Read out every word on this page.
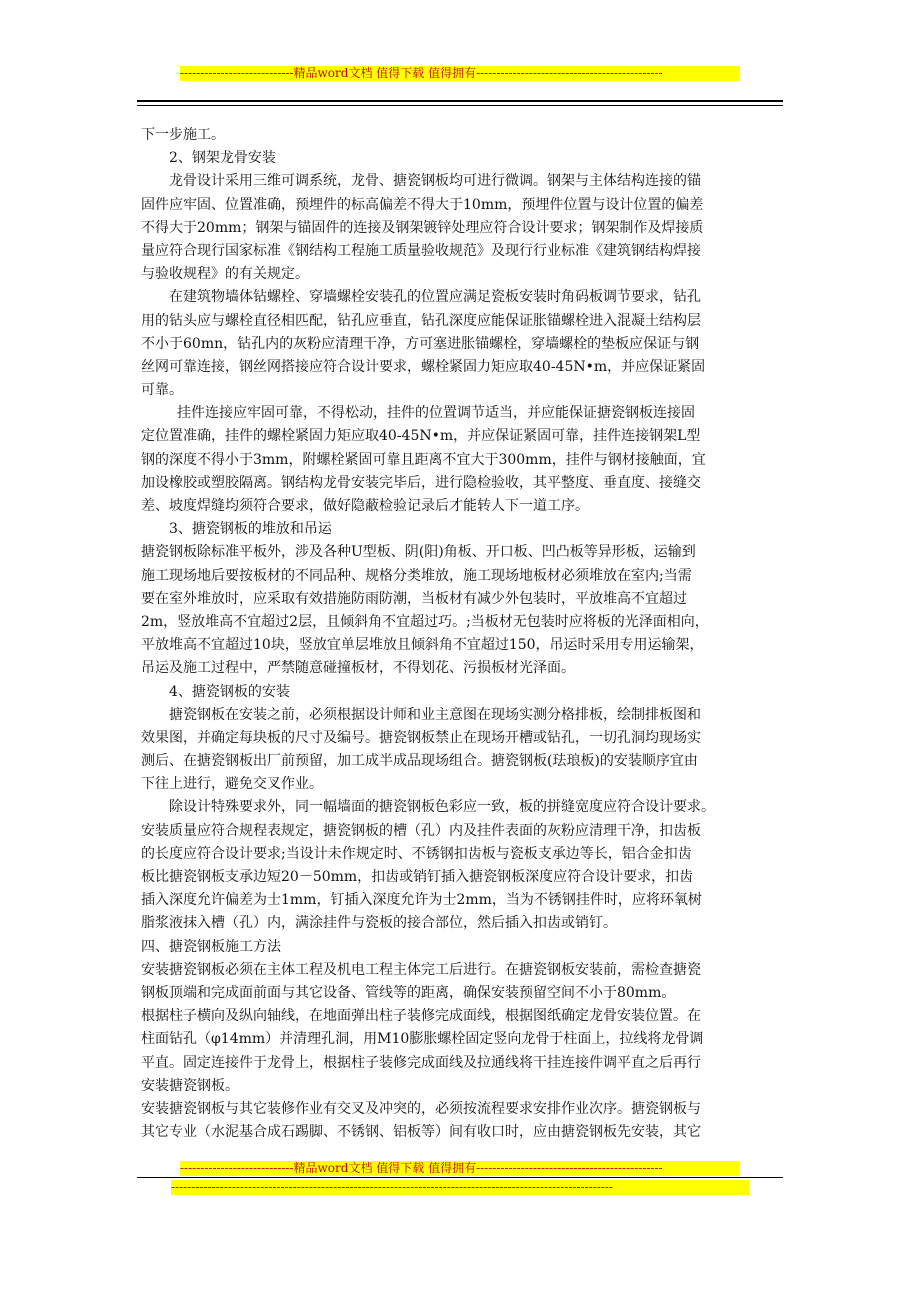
----------------------------精品word文档 值得下载 值得拥有----------------------------------------------
下一步施工。
2、钢架龙骨安装
龙骨设计采用三维可调系统，龙骨、搪瓷钢板均可进行微调。钢架与主体结构连接的锚
固件应牢固、位置准确，预埋件的标高偏差不得大于10mm，预埋件位置与设计位置的偏差
不得大于20mm；钢架与锚固件的连接及钢架镀锌处理应符合设计要求；钢架制作及焊接质
量应符合现行国家标准《钢结构工程施工质量验收规范》及现行行业标准《建筑钢结构焊接
与验收规程》的有关规定。
在建筑物墙体钻螺栓、穿墙螺栓安装孔的位置应满足瓷板安装时角码板调节要求，钻孔
用的钻头应与螺栓直径相匹配，钻孔应垂直，钻孔深度应能保证胀锚螺栓进入混凝土结构层
不小于60mn，钻孔内的灰粉应清理干净，方可塞进胀锚螺栓，穿墙螺栓的垫板应保证与钢
丝网可靠连接，钢丝网搭接应符合设计要求，螺栓紧固力矩应取40-45N•m，并应保证紧固
可靠。
挂件连接应牢固可靠，不得松动，挂件的位置调节适当，并应能保证搪瓷钢板连接固
定位置准确，挂件的螺栓紧固力矩应取40-45N•m，并应保证紧固可靠，挂件连接钢架L型
钢的深度不得小于3mm，附螺栓紧固可靠且距离不宜大于300mm，挂件与钢材接触面，宜
加设橡胶或塑胶隔离。钢结构龙骨安装完毕后，进行隐检验收，其平整度、垂直度、接缝交
差、坡度焊缝均须符合要求，做好隐蔽检验记录后才能转人下一道工序。
3、搪瓷钢板的堆放和吊运
搪瓷钢板除标准平板外，涉及各种U型板、阴(阳)角板、开口板、凹凸板等异形板，运输到
施工现场地后要按板材的不同品种、规格分类堆放，施工现场地板材必须堆放在室内;当需
要在室外堆放时，应采取有效措施防雨防潮，当板材有减少外包装时，平放堆高不宜超过
2m，竖放堆高不宜超过2层，且倾斜角不宜超过巧。;当板材无包装时应将板的光泽面相向，
平放堆高不宜超过10块，竖放宜单层堆放且倾斜角不宜超过150，吊运时采用专用运输架，
吊运及施工过程中，严禁随意碰撞板材，不得划花、污损板材光泽面。
4、搪瓷钢板的安装
搪瓷钢板在安装之前，必须根据设计师和业主意图在现场实测分格排板，绘制排板图和
效果图，并确定每块板的尺寸及编号。搪瓷钢板禁止在现场开槽或钻孔，一切孔洞均现场实
测后、在搪瓷钢板出厂前预留，加工成半成品现场组合。搪瓷钢板(珐琅板)的安装顺序宜由
下往上进行，避免交叉作业。
除设计特殊要求外，同一幅墙面的搪瓷钢板色彩应一致，板的拼缝宽度应符合设计要求。
安装质量应符合规程表规定，搪瓷钢板的槽（孔）内及挂件表面的灰粉应清理干净，扣齿板
的长度应符合设计要求;当设计未作规定时、不锈钢扣齿板与瓷板支承边等长，铝合金扣齿
板比搪瓷钢板支承边短20－50mm，扣齿或销钉插入搪瓷钢板深度应符合设计要求，扣齿
插入深度允许偏差为士1mm，钉插入深度允许为士2mm，当为不锈钢挂件时，应将环氧树
脂浆液抹入槽（孔）内，满涂挂件与瓷板的接合部位，然后插入扣齿或销钉。
四、搪瓷钢板施工方法
安装搪瓷钢板必须在主体工程及机电工程主体完工后进行。在搪瓷钢板安装前，需检查搪瓷
钢板顶端和完成面前面与其它设备、管线等的距离，确保安装预留空间不小于80mm。
根据柱子横向及纵向轴线，在地面弹出柱子装修完成面线，根据图纸确定龙骨安装位置。在
柱面钻孔（φ14mm）并清理孔洞，用M10膨胀螺栓固定竖向龙骨于柱面上，拉线将龙骨调
平直。固定连接件于龙骨上，根据柱子装修完成面线及拉通线将干挂连接件调平直之后再行
安装搪瓷钢板。
安装搪瓷钢板与其它装修作业有交叉及冲突的，必须按流程要求安排作业次序。搪瓷钢板与
其它专业（水泥基合成石踢脚、不锈钢、铝板等）间有收口时，应由搪瓷钢板先安装，其它
----------------------------精品word文档 值得下载 值得拥有----------------------------------------------
-------------------------------------------------------------------------------------------------------------
